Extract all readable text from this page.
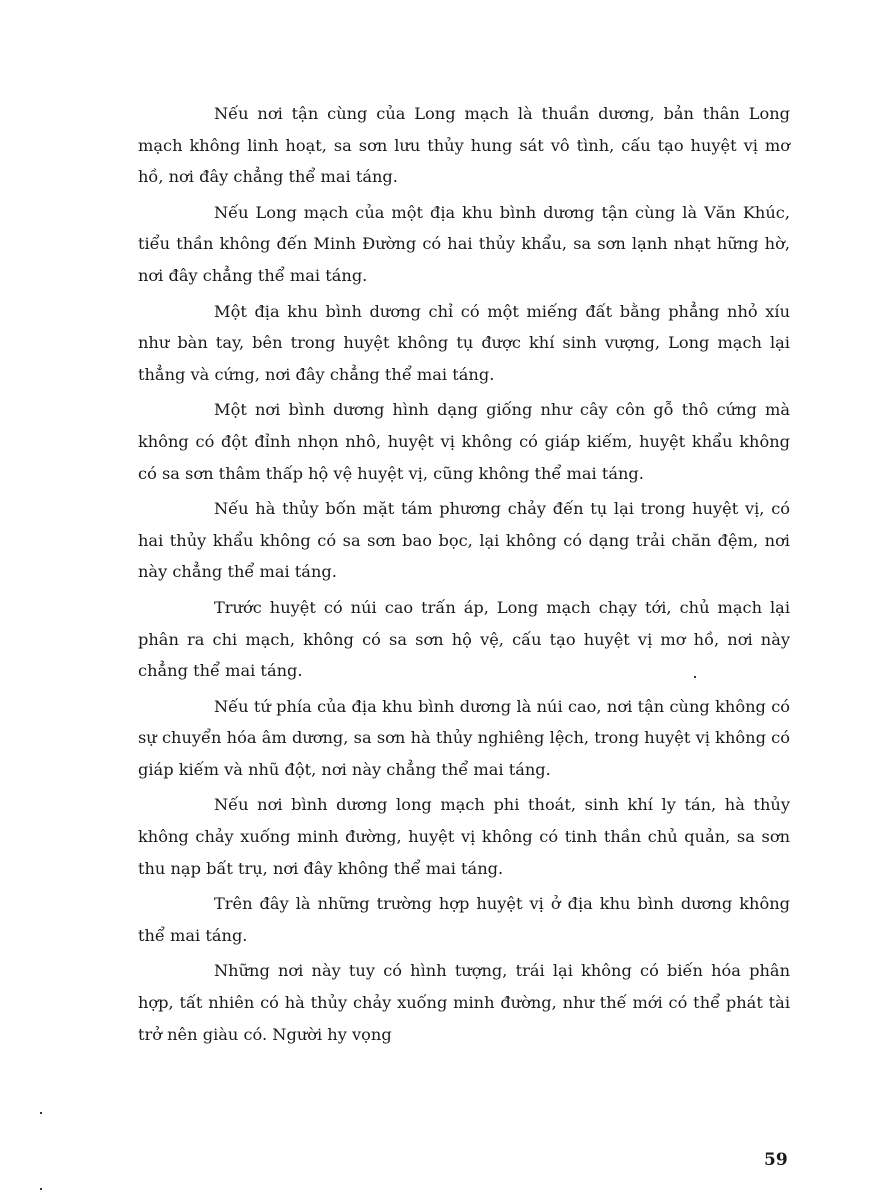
Nếu nơi tận cùng của Long mạch là thuần dương, bản thân Long mạch không linh hoạt, sa sơn lưu thủy hung sát vô tình, cấu tạo huyệt vị mơ hồ, nơi đây chẳng thể mai táng.

Nếu Long mạch của một địa khu bình dương tận cùng là Văn Khúc, tiểu thần không đến Minh Đường có hai thủy khẩu, sa sơn lạnh nhạt hững hờ, nơi đây chẳng thể mai táng.

Một địa khu bình dương chỉ có một miếng đất bằng phẳng nhỏ xíu như bàn tay, bên trong huyệt không tụ được khí sinh vượng, Long mạch lại thẳng và cứng, nơi đây chẳng thể mai táng.

Một nơi bình dương hình dạng giống như cây côn gỗ thô cứng mà không có đột đỉnh nhọn nhô, huyệt vị không có giáp kiếm, huyệt khẩu không có sa sơn thâm thấp hộ vệ huyệt vị, cũng không thể mai táng.

Nếu hà thủy bốn mặt tám phương chảy đến tụ lại trong huyệt vị, có hai thủy khẩu không có sa sơn bao bọc, lại không có dạng trải chăn đệm, nơi này chẳng thể mai táng.

Trước huyệt có núi cao trấn áp, Long mạch chạy tới, chủ mạch lại phân ra chi mạch, không có sa sơn hộ vệ, cấu tạo huyệt vị mơ hồ, nơi này chẳng thể mai táng.

Nếu tứ phía của địa khu bình dương là núi cao, nơi tận cùng không có sự chuyển hóa âm dương, sa sơn hà thủy nghiêng lệch, trong huyệt vị không có giáp kiếm và nhũ đột, nơi này chẳng thể mai táng.

Nếu nơi bình dương long mạch phi thoát, sinh khí ly tán, hà thủy không chảy xuống minh đường, huyệt vị không có tinh thần chủ quản, sa sơn thu nạp bất trụ, nơi đây không thể mai táng.

Trên đây là những trường hợp huyệt vị ở địa khu bình dương không thể mai táng.

Những nơi này tuy có hình tượng, trái lại không có biến hóa phân hợp, tất nhiên có hà thủy chảy xuống minh đường, như thế mới có thể phát tài trở nên giàu có. Người hy vọng

59
